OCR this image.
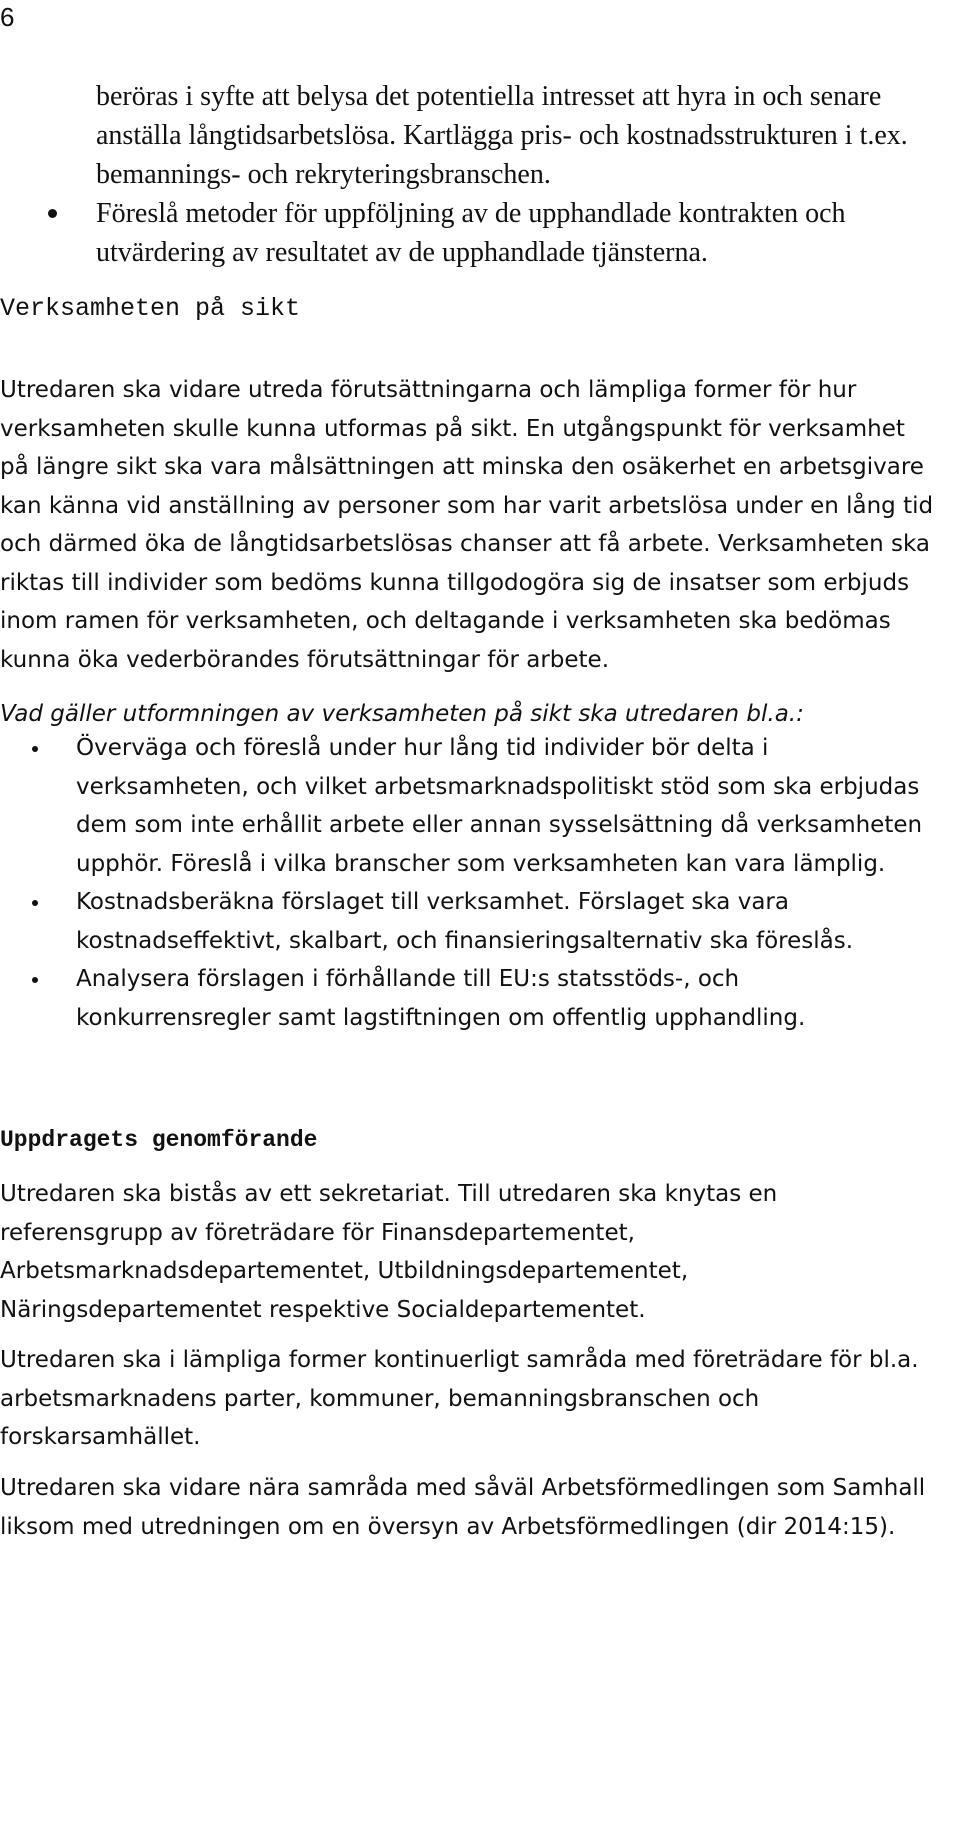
6

beröras i syfte att belysa det potentiella intresset att hyra in och senare anställa långtidsarbetslösa. Kartlägga pris- och kostnadsstrukturen i t.ex. bemannings- och rekryteringsbranschen.

Föreslå metoder för uppföljning av de upphandlade kontrakten och utvärdering av resultatet av de upphandlade tjänsterna.
Verksamheten på sikt

Utredaren ska vidare utreda förutsättningarna och lämpliga former för hur verksamheten skulle kunna utformas på sikt. En utgångspunkt för verksamhet på längre sikt ska vara målsättningen att minska den osäkerhet en arbetsgivare kan känna vid anställning av personer som har varit arbetslösa under en lång tid och därmed öka de långtidsarbetslösas chanser att få arbete. Verksamheten ska riktas till individer som bedöms kunna tillgodogöra sig de insatser som erbjuds inom ramen för verksamheten, och deltagande i verksamheten ska bedömas kunna öka vederbörandes förutsättningar för arbete.

Vad gäller utformningen av verksamheten på sikt ska utredaren bl.a.:

Överväga och föreslå under hur lång tid individer bör delta i verksamheten, och vilket arbetsmarknadspolitiskt stöd som ska erbjudas dem som inte erhållit arbete eller annan sysselsättning då verksamheten upphör. Föreslå i vilka branscher som verksamheten kan vara lämplig.
Kostnadsberäkna förslaget till verksamhet. Förslaget ska vara kostnadseffektivt, skalbart, och finansieringsalternativ ska föreslås.
Analysera förslagen i förhållande till EU:s statsstöds-, och konkurrensregler samt lagstiftningen om offentlig upphandling.
Uppdragets genomförande

Utredaren ska bistås av ett sekretariat. Till utredaren ska knytas en referensgrupp av företrädare för Finansdepartementet, Arbetsmarknadsdepartementet, Utbildningsdepartementet, Näringsdepartementet respektive Socialdepartementet.

Utredaren ska i lämpliga former kontinuerligt samråda med företrädare för bl.a. arbetsmarknadens parter, kommuner, bemanningsbranschen och forskarsamhället.

Utredaren ska vidare nära samråda med såväl Arbetsförmedlingen som Samhall liksom med utredningen om en översyn av Arbetsförmedlingen (dir 2014:15).
